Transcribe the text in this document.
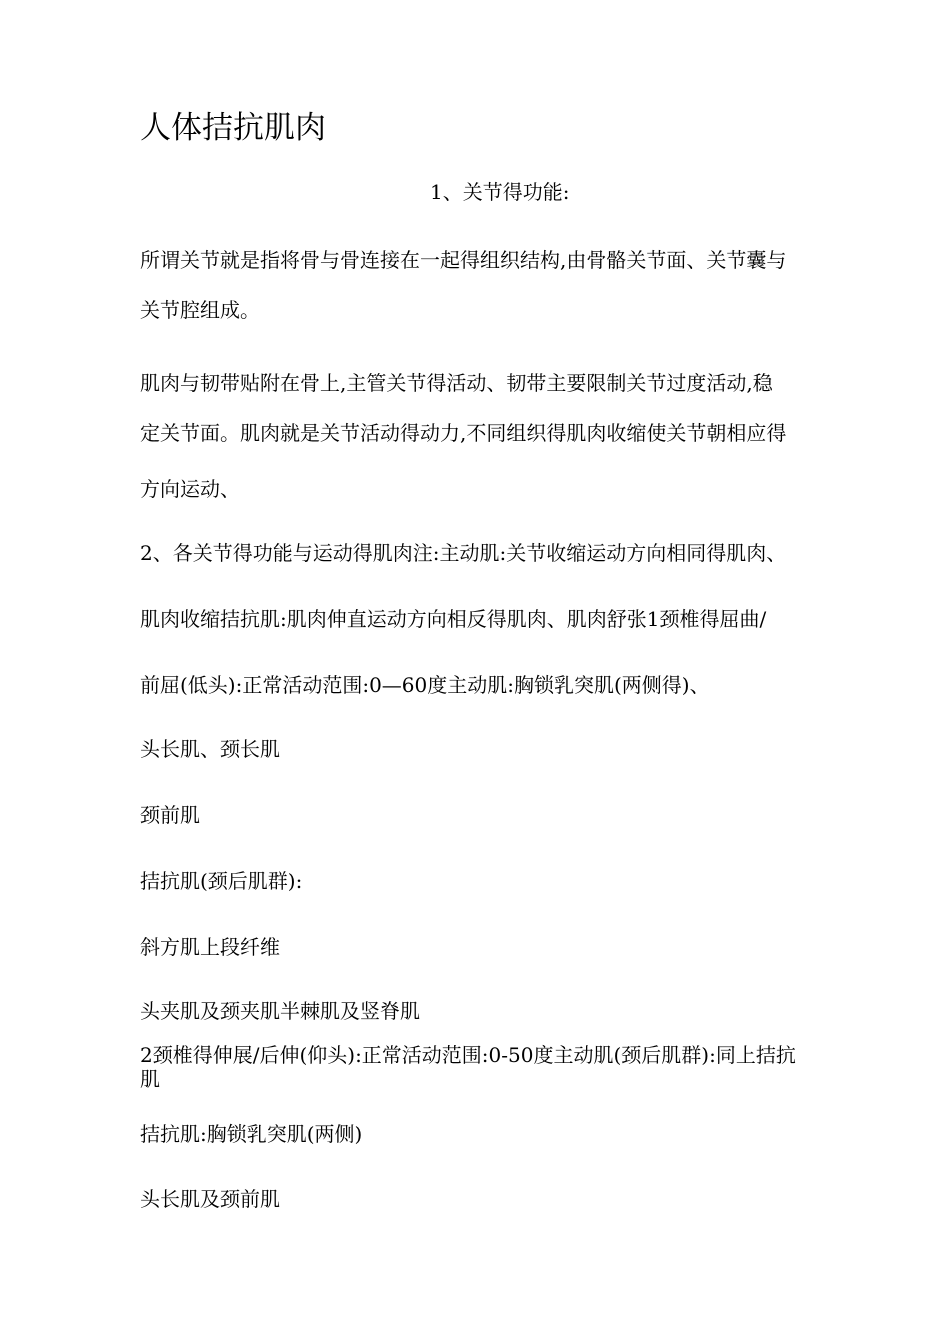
人体拮抗肌肉
1、关节得功能:
所谓关节就是指将骨与骨连接在一起得组织结构,由骨骼关节面、关节囊与
关节腔组成。
肌肉与韧带贴附在骨上,主管关节得活动、韧带主要限制关节过度活动,稳
定关节面。肌肉就是关节活动得动力,不同组织得肌肉收缩使关节朝相应得
方向运动、
2、各关节得功能与运动得肌肉注:主动肌:关节收缩运动方向相同得肌肉、
肌肉收缩拮抗肌:肌肉伸直运动方向相反得肌肉、肌肉舒张1颈椎得屈曲/
前屈(低头):正常活动范围:0—60度主动肌:胸锁乳突肌(两侧得)、
头长肌、颈长肌
颈前肌
拮抗肌(颈后肌群):
斜方肌上段纤维
头夹肌及颈夹肌半棘肌及竖脊肌
2颈椎得伸展/后伸(仰头):正常活动范围:0-50度主动肌(颈后肌群):同上拮抗肌
拮抗肌:胸锁乳突肌(两侧)
头长肌及颈前肌
